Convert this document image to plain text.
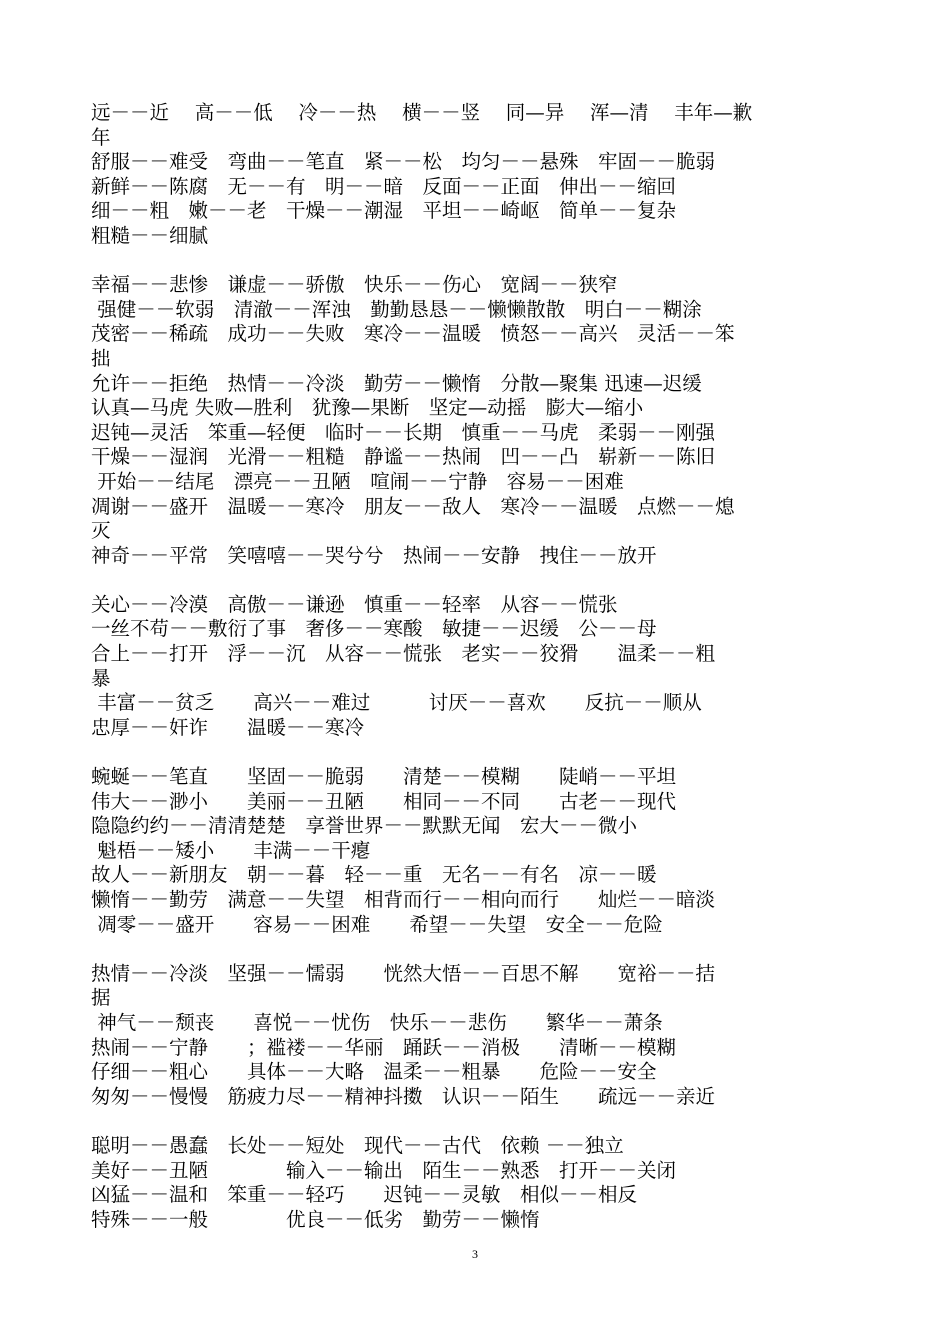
远－－近　 高－－低　 冷－－热　 横－－竖　 同—异　 浑—清　 丰年—歉
年
舒服－－难受　弯曲－－笔直　紧－－松　均匀－－悬殊　牢固－－脆弱
新鲜－－陈腐　无－－有　明－－暗　反面－－正面　伸出－－缩回
细－－粗　嫩－－老　干燥－－潮湿　平坦－－崎岖　简单－－复杂
粗糙－－细腻
幸福－－悲惨　谦虚－－骄傲　快乐－－伤心　宽阔－－狭窄
强健－－软弱　清澈－－浑浊　勤勤恳恳－－懒懒散散　明白－－糊涂
茂密－－稀疏　成功－－失败　寒冷－－温暖　愤怒－－高兴　灵活－－笨
拙
允许－－拒绝　热情－－冷淡　勤劳－－懒惰　分散—聚集 迅速—迟缓
认真—马虎 失败—胜利　犹豫—果断　坚定—动摇　膨大—缩小
迟钝—灵活　笨重—轻便　临时－－长期　慎重－－马虎　柔弱－－刚强
干燥－－湿润　光滑－－粗糙　静谧－－热闹　凹－－凸　崭新－－陈旧
开始－－结尾　漂亮－－丑陋　喧闹－－宁静　容易－－困难
凋谢－－盛开　温暖－－寒冷　朋友－－敌人　寒冷－－温暖　点燃－－熄
灭
神奇－－平常　笑嘻嘻－－哭兮兮　热闹－－安静　拽住－－放开
关心－－冷漠　高傲－－谦逊　慎重－－轻率　从容－－慌张
一丝不苟－－敷衍了事　奢侈－－寒酸　敏捷－－迟缓　公－－母
合上－－打开　浮－－沉　从容－－慌张　老实－－狡猾　　温柔－－粗
暴
丰富－－贫乏　　高兴－－难过　　　讨厌－－喜欢　　反抗－－顺从
忠厚－－奸诈　　温暖－－寒冷
蜿蜒－－笔直　　坚固－－脆弱　　清楚－－模糊　　陡峭－－平坦
伟大－－渺小　　美丽－－丑陋　　相同－－不同　　古老－－现代
隐隐约约－－清清楚楚　享誉世界－－默默无闻　宏大－－微小
魁梧－－矮小　　丰满－－干瘪
故人－－新朋友　朝－－暮　轻－－重　无名－－有名　凉－－暖
懒惰－－勤劳　满意－－失望　相背而行－－相向而行　　灿烂－－暗淡
凋零－－盛开　　容易－－困难　　希望－－失望　安全－－危险
热情－－冷淡　坚强－－懦弱　　恍然大悟－－百思不解　　宽裕－－拮
据
神气－－颓丧　　喜悦－－忧伤　快乐－－悲伤　　繁华－－萧条
热闹－－宁静　　；褴褛－－华丽　踊跃－－消极　　清晰－－模糊
仔细－－粗心　　具体－－大略　温柔－－粗暴　　危险－－安全
匆匆－－慢慢　筋疲力尽－－精神抖擞　认识－－陌生　　疏远－－亲近
聪明－－愚蠢　长处－－短处　现代－－古代　依赖 －－独立
美好－－丑陋　　　　输入－－输出　陌生－－熟悉　打开－－关闭
凶猛－－温和　笨重－－轻巧　　迟钝－－灵敏　相似－－相反
特殊－－一般　　　　优良－－低劣　勤劳－－懒惰
3
